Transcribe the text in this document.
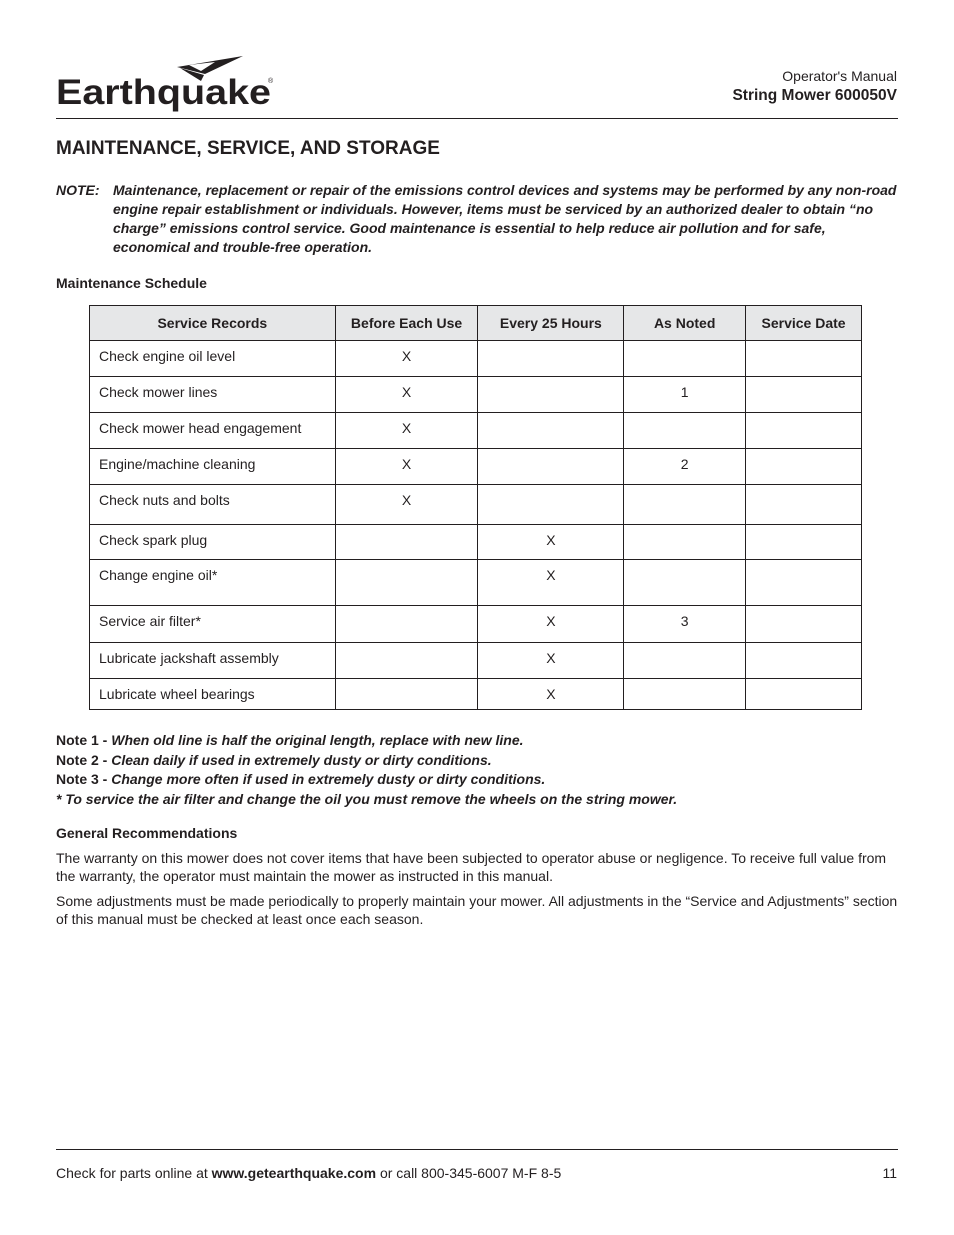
Earthquake
®	Operator's Manual
String Mower 600050V
MAINTENANCE, SERVICE, AND STORAGE
NOTE: Maintenance, replacement or repair of the emissions control devices and systems may be performed by any non-road engine repair establishment or individuals. However, items must be serviced by an authorized dealer to obtain “no charge” emissions control service. Good maintenance is essential to help reduce air pollution and for safe, economical and trouble-free operation.
Maintenance Schedule
Service Records	Before Each Use	Every 25 Hours	As Noted	Service Date
Check engine oil level	X			
Check mower lines	X		1	
Check mower head engagement	X			
Engine/machine cleaning	X		2	
Check nuts and bolts	X			
Check spark plug		X		
Change engine oil*		X		
Service air filter*		X	3	
Lubricate jackshaft assembly		X		
Lubricate wheel bearings		X		
Note 1 - When old line is half the original length, replace with new line.
Note 2 - Clean daily if used in extremely dusty or dirty conditions.
Note 3 - Change more often if used in extremely dusty or dirty conditions.
* To service the air filter and change the oil you must remove the wheels on the string mower.
General Recommendations
The warranty on this mower does not cover items that have been subjected to operator abuse or negligence. To receive full value from the warranty, the operator must maintain the mower as instructed in this manual.
Some adjustments must be made periodically to properly maintain your mower. All adjustments in the “Service and Adjustments” section of this manual must be checked at least once each season.
Check for parts online at www.getearthquake.com or call 800-345-6007 M-F 8-5	11
